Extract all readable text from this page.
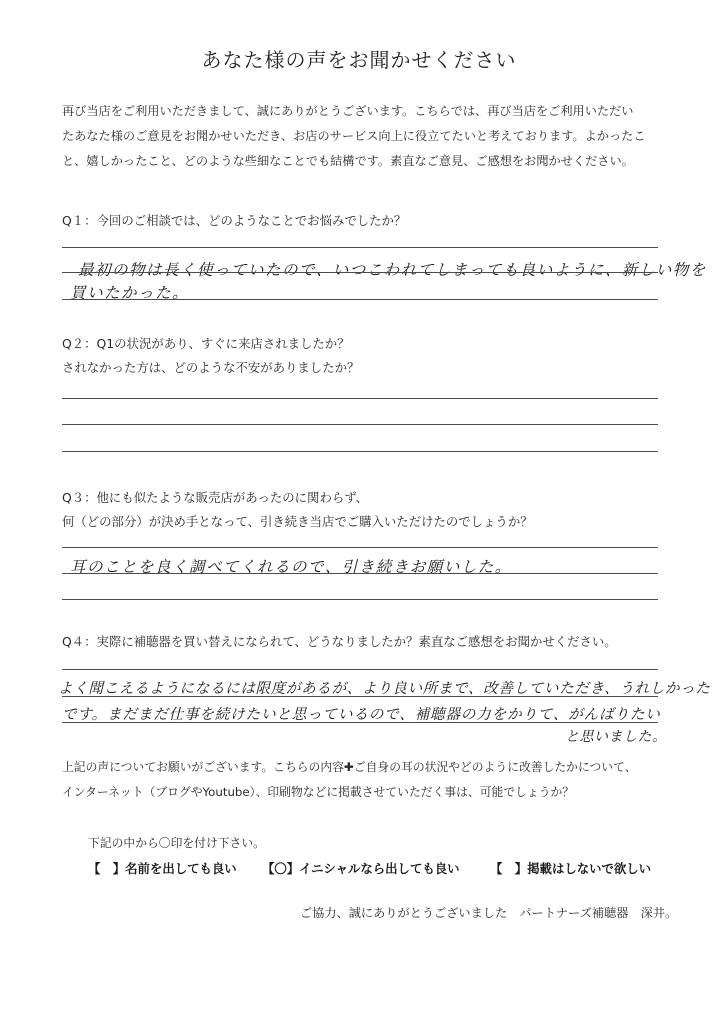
あなた様の声をお聞かせください
再び当店をご利用いただきまして、誠にありがとうございます。こちらでは、再び当店をご利用いただい
たあなた様のご意見をお聞かせいただき、お店のサービス向上に役立てたいと考えております。よかったこ
と、嬉しかったこと、どのような些細なことでも結構です。素直なご意見、ご感想をお聞かせください。
Q１：今回のご相談では、どのようなことでお悩みでしたか？
最初の物は長く使っていたので、いつこわれてしまっても良いように、新しい物を
買いたかった。
Q２：Q1の状況があり、すぐに来店されましたか？
されなかった方は、どのような不安がありましたか？
Q３：他にも似たような販売店があったのに関わらず、
何（どの部分）が決め手となって、引き続き当店でご購入いただけたのでしょうか？
耳のことを良く調べてくれるので、引き続きお願いした。
Q４：実際に補聴器を買い替えになられて、どうなりましたか？素直なご感想をお聞かせください。
よく聞こえるようになるには限度があるが、より良い所まで、改善していただき、うれしかった
です。まだまだ仕事を続けたいと思っているので、補聴器の力をかりて、がんばりたい
と思いました。
上記の声についてお願いがございます。こちらの内容✚ご自身の耳の状況やどのように改善したかについて、
インターネット（ブログやYoutube）、印刷物などに掲載させていただく事は、可能でしょうか？
下記の中から〇印を付け下さい。
【　】名前を出しても良い 【〇】イニシャルなら出しても良い 【　】掲載はしないで欲しい
ご協力、誠にありがとうございました　パートナーズ補聴器　深井。
